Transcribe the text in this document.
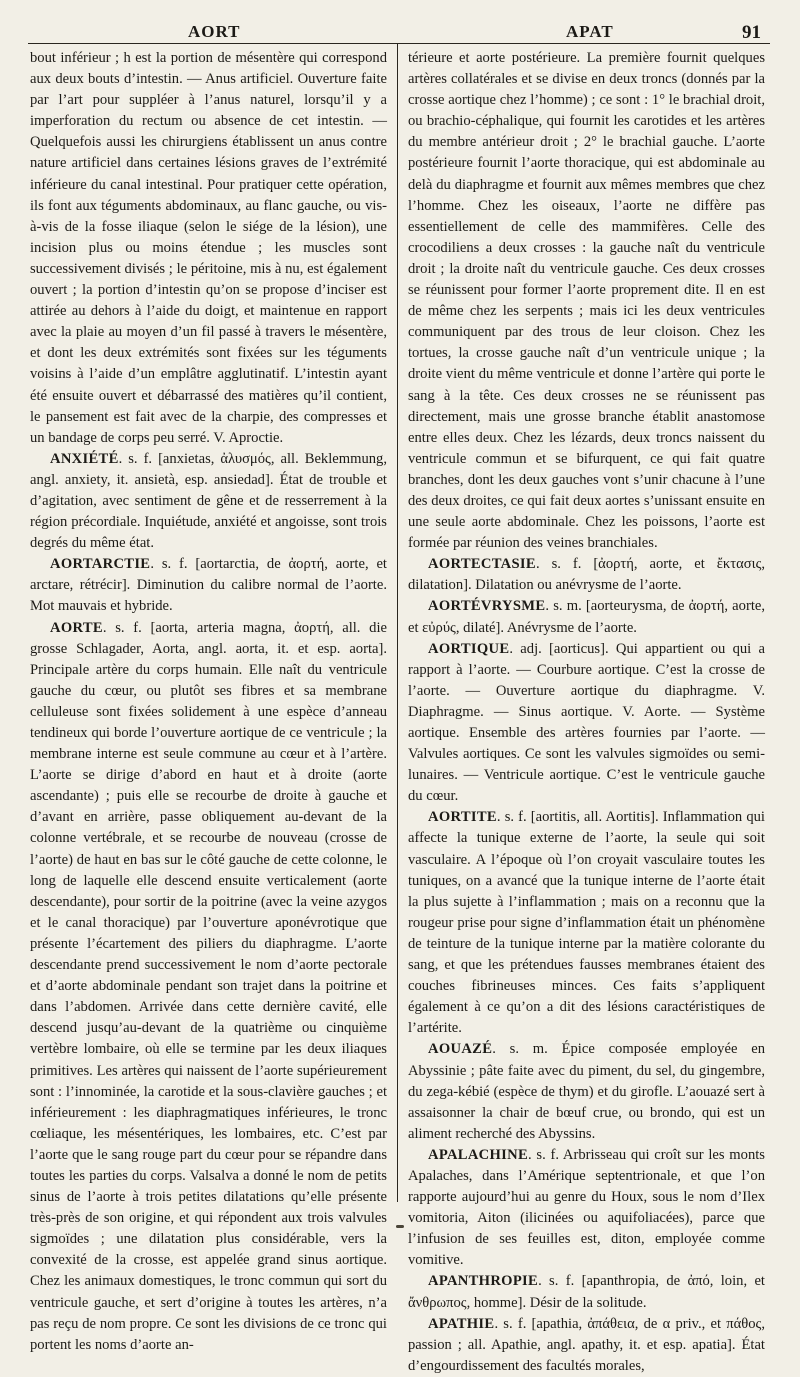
AORT	APAT	91

bout inférieur ; h est la portion de mésentère qui correspond aux deux bouts d’intestin. — Anus artificiel. Ouverture faite par l’art pour suppléer à l’anus naturel, lorsqu’il y a imperforation du rectum ou absence de cet intestin. — Quelquefois aussi les chirurgiens établissent un anus contre nature artificiel dans certaines lésions graves de l’extrémité inférieure du canal intestinal. Pour pratiquer cette opération, ils font aux téguments abdominaux, au flanc gauche, ou vis-à-vis de la fosse iliaque (selon le siége de la lésion), une incision plus ou moins étendue ; les muscles sont successivement divisés ; le péritoine, mis à nu, est également ouvert ; la portion d’intestin qu’on se propose d’inciser est attirée au dehors à l’aide du doigt, et maintenue en rapport avec la plaie au moyen d’un fil passé à travers le mésentère, et dont les deux extrémités sont fixées sur les téguments voisins à l’aide d’un emplâtre agglutinatif. L’intestin ayant été ensuite ouvert et débarrassé des matières qu’il contient, le pansement est fait avec de la charpie, des compresses et un bandage de corps peu serré. V. Aproctie.

ANXIÉTÉ. s. f. [anxietas, ἀλυσμός, all. Beklemmung, angl. anxiety, it. ansietà, esp. ansiedad]. État de trouble et d’agitation, avec sentiment de gêne et de resserrement à la région précordiale. Inquiétude, anxiété et angoisse, sont trois degrés du même état.

AORTARCTIE. s. f. [aortarctia, de ἀορτή, aorte, et arctare, rétrécir]. Diminution du calibre normal de l’aorte. Mot mauvais et hybride.

AORTE. s. f. [aorta, arteria magna, ἀορτή, all. die grosse Schlagader, Aorta, angl. aorta, it. et esp. aorta]. Principale artère du corps humain. Elle naît du ventricule gauche du cœur, ou plutôt ses fibres et sa membrane celluleuse sont fixées solidement à une espèce d’anneau tendineux qui borde l’ouverture aortique de ce ventricule ; la membrane interne est seule commune au cœur et à l’artère. L’aorte se dirige d’abord en haut et à droite (aorte ascendante) ; puis elle se recourbe de droite à gauche et d’avant en arrière, passe obliquement au-devant de la colonne vertébrale, et se recourbe de nouveau (crosse de l’aorte) de haut en bas sur le côté gauche de cette colonne, le long de laquelle elle descend ensuite verticalement (aorte descendante), pour sortir de la poitrine (avec la veine azygos et le canal thoracique) par l’ouverture aponévrotique que présente l’écartement des piliers du diaphragme. L’aorte descendante prend successivement le nom d’aorte pectorale et d’aorte abdominale pendant son trajet dans la poitrine et dans l’abdomen. Arrivée dans cette dernière cavité, elle descend jusqu’au-devant de la quatrième ou cinquième vertèbre lombaire, où elle se termine par les deux iliaques primitives. Les artères qui naissent de l’aorte supérieurement sont : l’innominée, la carotide et la sous-clavière gauches ; et inférieurement : les diaphragmatiques inférieures, le tronc cœliaque, les mésentériques, les lombaires, etc. C’est par l’aorte que le sang rouge part du cœur pour se répandre dans toutes les parties du corps. Valsalva a donné le nom de petits sinus de l’aorte à trois petites dilatations qu’elle présente très-près de son origine, et qui répondent aux trois valvules sigmoïdes ; une dilatation plus considérable, vers la convexité de la crosse, est appelée grand sinus aortique. Chez les animaux domestiques, le tronc commun qui sort du ventricule gauche, et sert d’origine à toutes les artères, n’a pas reçu de nom propre. Ce sont les divisions de ce tronc qui portent les noms d’aorte an-

térieure et aorte postérieure. La première fournit quelques artères collatérales et se divise en deux troncs (donnés par la crosse aortique chez l’homme) ; ce sont : 1° le brachial droit, ou brachio-céphalique, qui fournit les carotides et les artères du membre antérieur droit ; 2° le brachial gauche. L’aorte postérieure fournit l’aorte thoracique, qui est abdominale au delà du diaphragme et fournit aux mêmes membres que chez l’homme. Chez les oiseaux, l’aorte ne diffère pas essentiellement de celle des mammifères. Celle des crocodiliens a deux crosses : la gauche naît du ventricule droit ; la droite naît du ventricule gauche. Ces deux crosses se réunissent pour former l’aorte proprement dite. Il en est de même chez les serpents ; mais ici les deux ventricules communiquent par des trous de leur cloison. Chez les tortues, la crosse gauche naît d’un ventricule unique ; la droite vient du même ventricule et donne l’artère qui porte le sang à la tête. Ces deux crosses ne se réunissent pas directement, mais une grosse branche établit anastomose entre elles deux. Chez les lézards, deux troncs naissent du ventricule commun et se bifurquent, ce qui fait quatre branches, dont les deux gauches vont s’unir chacune à l’une des deux droites, ce qui fait deux aortes s’unissant ensuite en une seule aorte abdominale. Chez les poissons, l’aorte est formée par réunion des veines branchiales.

AORTECTASIE. s. f. [ἀορτή, aorte, et ἔκτασις, dilatation]. Dilatation ou anévrysme de l’aorte.

AORTÉVRYSME. s. m. [aorteurysma, de ἀορτή, aorte, et εὐρύς, dilaté]. Anévrysme de l’aorte.

AORTIQUE. adj. [aorticus]. Qui appartient ou qui a rapport à l’aorte. — Courbure aortique. C’est la crosse de l’aorte. — Ouverture aortique du diaphragme. V. Diaphragme. — Sinus aortique. V. Aorte. — Système aortique. Ensemble des artères fournies par l’aorte. — Valvules aortiques. Ce sont les valvules sigmoïdes ou semi-lunaires. — Ventricule aortique. C’est le ventricule gauche du cœur.

AORTITE. s. f. [aortitis, all. Aortitis]. Inflammation qui affecte la tunique externe de l’aorte, la seule qui soit vasculaire. A l’époque où l’on croyait vasculaire toutes les tuniques, on a avancé que la tunique interne de l’aorte était la plus sujette à l’inflammation ; mais on a reconnu que la rougeur prise pour signe d’inflammation était un phénomène de teinture de la tunique interne par la matière colorante du sang, et que les prétendues fausses membranes étaient des couches fibrineuses minces. Ces faits s’appliquent également à ce qu’on a dit des lésions caractéristiques de l’artérite.

AOUAZÉ. s. m. Épice composée employée en Abyssinie ; pâte faite avec du piment, du sel, du gingembre, du zega-kébié (espèce de thym) et du girofle. L’aouazé sert à assaisonner la chair de bœuf crue, ou brondo, qui est un aliment recherché des Abyssins.

APALACHINE. s. f. Arbrisseau qui croît sur les monts Apalaches, dans l’Amérique septentrionale, et que l’on rapporte aujourd’hui au genre du Houx, sous le nom d’Ilex vomitoria, Aiton (ilicinées ou aquifoliacées), parce que l’infusion de ses feuilles est, diton, employée comme vomitive.

APANTHROPIE. s. f. [apanthropia, de ἀπό, loin, et ἄνθρωπος, homme]. Désir de la solitude.

APATHIE. s. f. [apathia, ἀπάθεια, de α priv., et πάθος, passion ; all. Apathie, angl. apathy, it. et esp. apatia]. État d’engourdissement des facultés morales,
